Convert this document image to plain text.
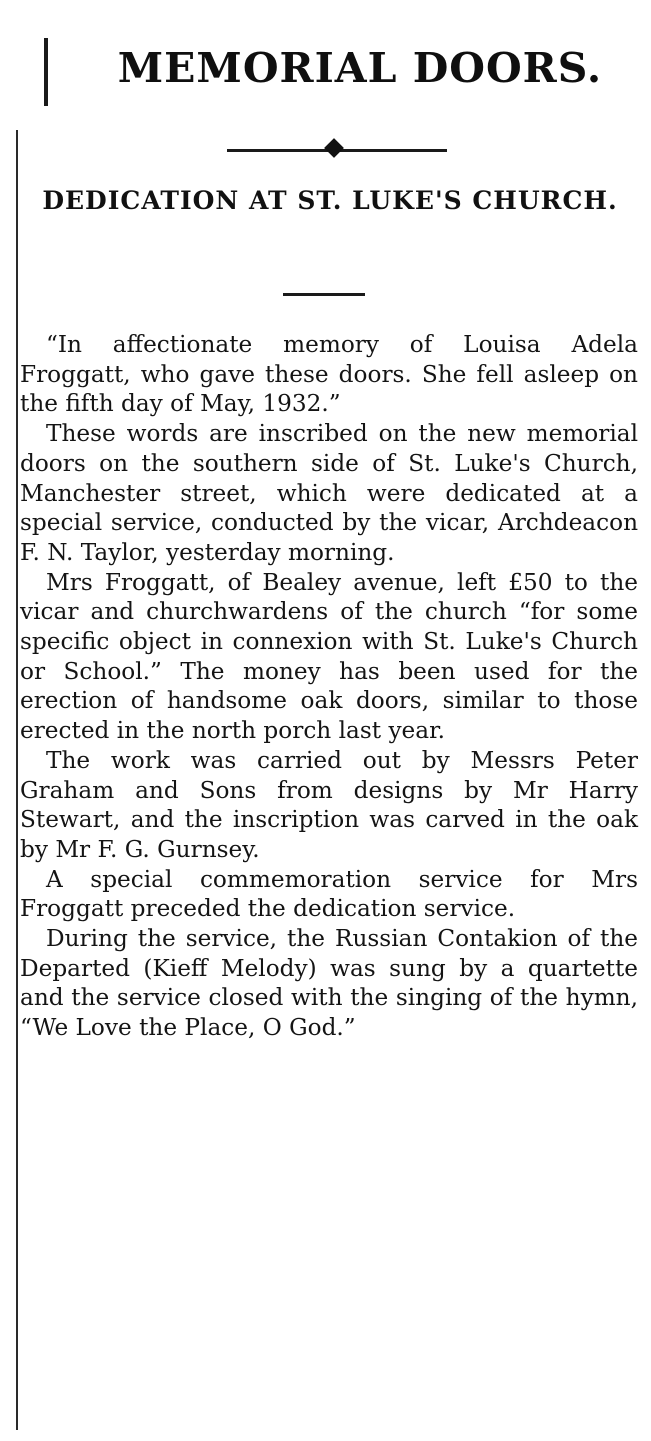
MEMORIAL DOORS.
DEDICATION AT ST. LUKE'S CHURCH.

“In affectionate memory of Louisa Adela Froggatt, who gave these doors. She fell asleep on the fifth day of May, 1932.”

These words are inscribed on the new memorial doors on the southern side of St. Luke's Church, Manchester street, which were dedicated at a special service, conducted by the vicar, Archdeacon F. N. Taylor, yesterday morning.

Mrs Froggatt, of Bealey avenue, left £50 to the vicar and churchwardens of the church “for some specific object in connexion with St. Luke's Church or School.” The money has been used for the erection of handsome oak doors, similar to those erected in the north porch last year.

The work was carried out by Messrs Peter Graham and Sons from designs by Mr Harry Stewart, and the inscription was carved in the oak by Mr F. G. Gurnsey.

A special commemoration service for Mrs Froggatt preceded the dedication service.

During the service, the Russian Contakion of the Departed (Kieff Melody) was sung by a quartette and the service closed with the singing of the hymn, “We Love the Place, O God.”
